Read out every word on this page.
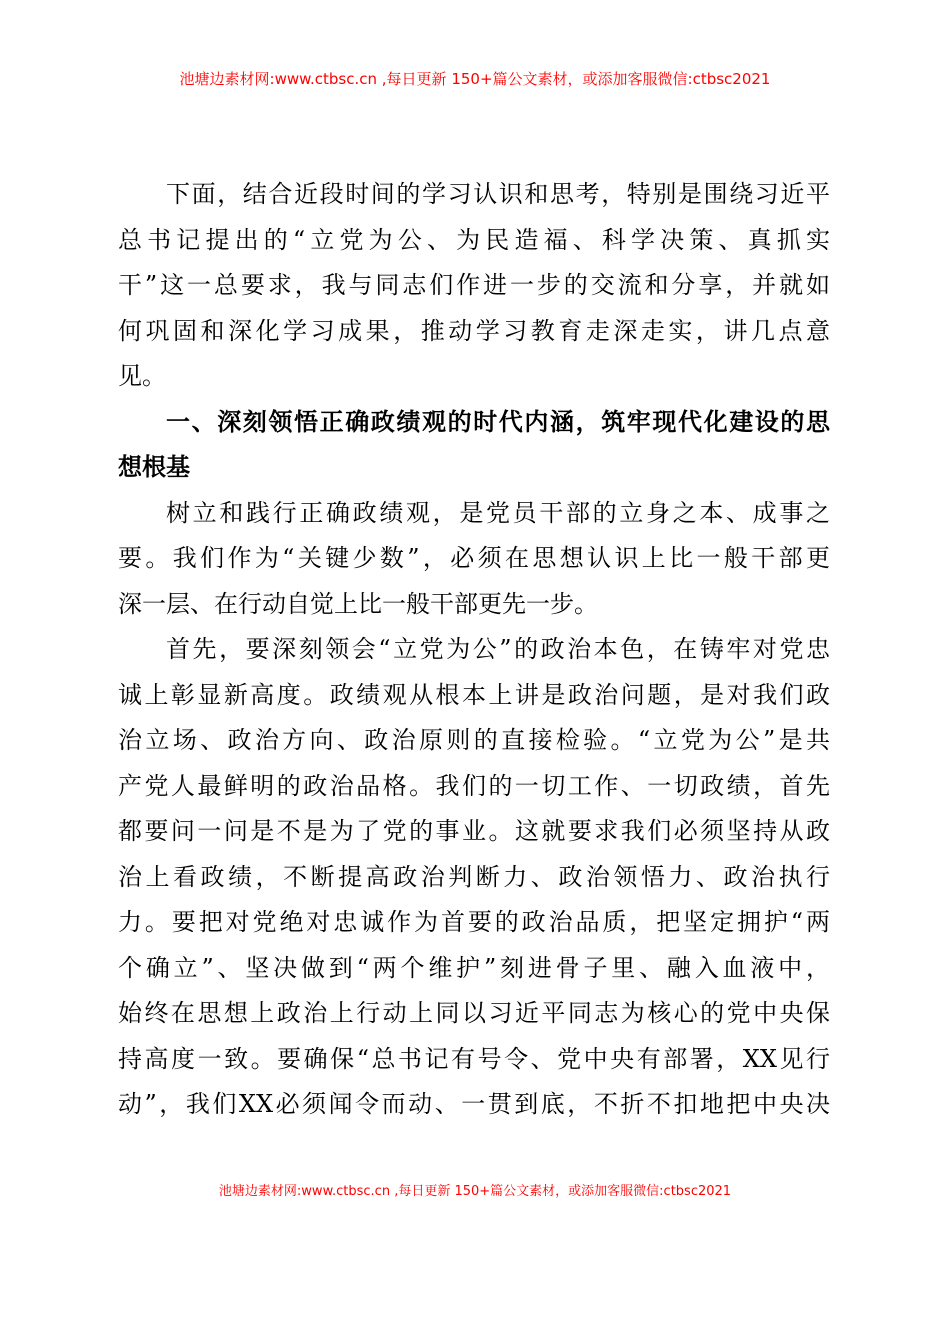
池塘边素材网:www.ctbsc.cn ,每日更新 150+篇公文素材，或添加客服微信:ctbsc2021
下面，结合近段时间的学习认识和思考，特别是围绕习近平
总书记提出的“立党为公、为民造福、科学决策、真抓实
干”这一总要求，我与同志们作进一步的交流和分享，并就如
何巩固和深化学习成果，推动学习教育走深走实，讲几点意
见。
一、深刻领悟正确政绩观的时代内涵，筑牢现代化建设的思
想根基
树立和践行正确政绩观，是党员干部的立身之本、成事之
要。我们作为“关键少数”，必须在思想认识上比一般干部更
深一层、在行动自觉上比一般干部更先一步。
首先，要深刻领会“立党为公”的政治本色，在铸牢对党忠
诚上彰显新高度。政绩观从根本上讲是政治问题，是对我们政
治立场、政治方向、政治原则的直接检验。“立党为公”是共
产党人最鲜明的政治品格。我们的一切工作、一切政绩，首先
都要问一问是不是为了党的事业。这就要求我们必须坚持从政
治上看政绩，不断提高政治判断力、政治领悟力、政治执行
力。要把对党绝对忠诚作为首要的政治品质，把坚定拥护“两
个确立”、坚决做到“两个维护”刻进骨子里、融入血液中，
始终在思想上政治上行动上同以习近平同志为核心的党中央保
持高度一致。要确保“总书记有号令、党中央有部署，XX见行
动”，我们XX必须闻令而动、一贯到底，不折不扣地把中央决
池塘边素材网:www.ctbsc.cn ,每日更新 150+篇公文素材，或添加客服微信:ctbsc2021
